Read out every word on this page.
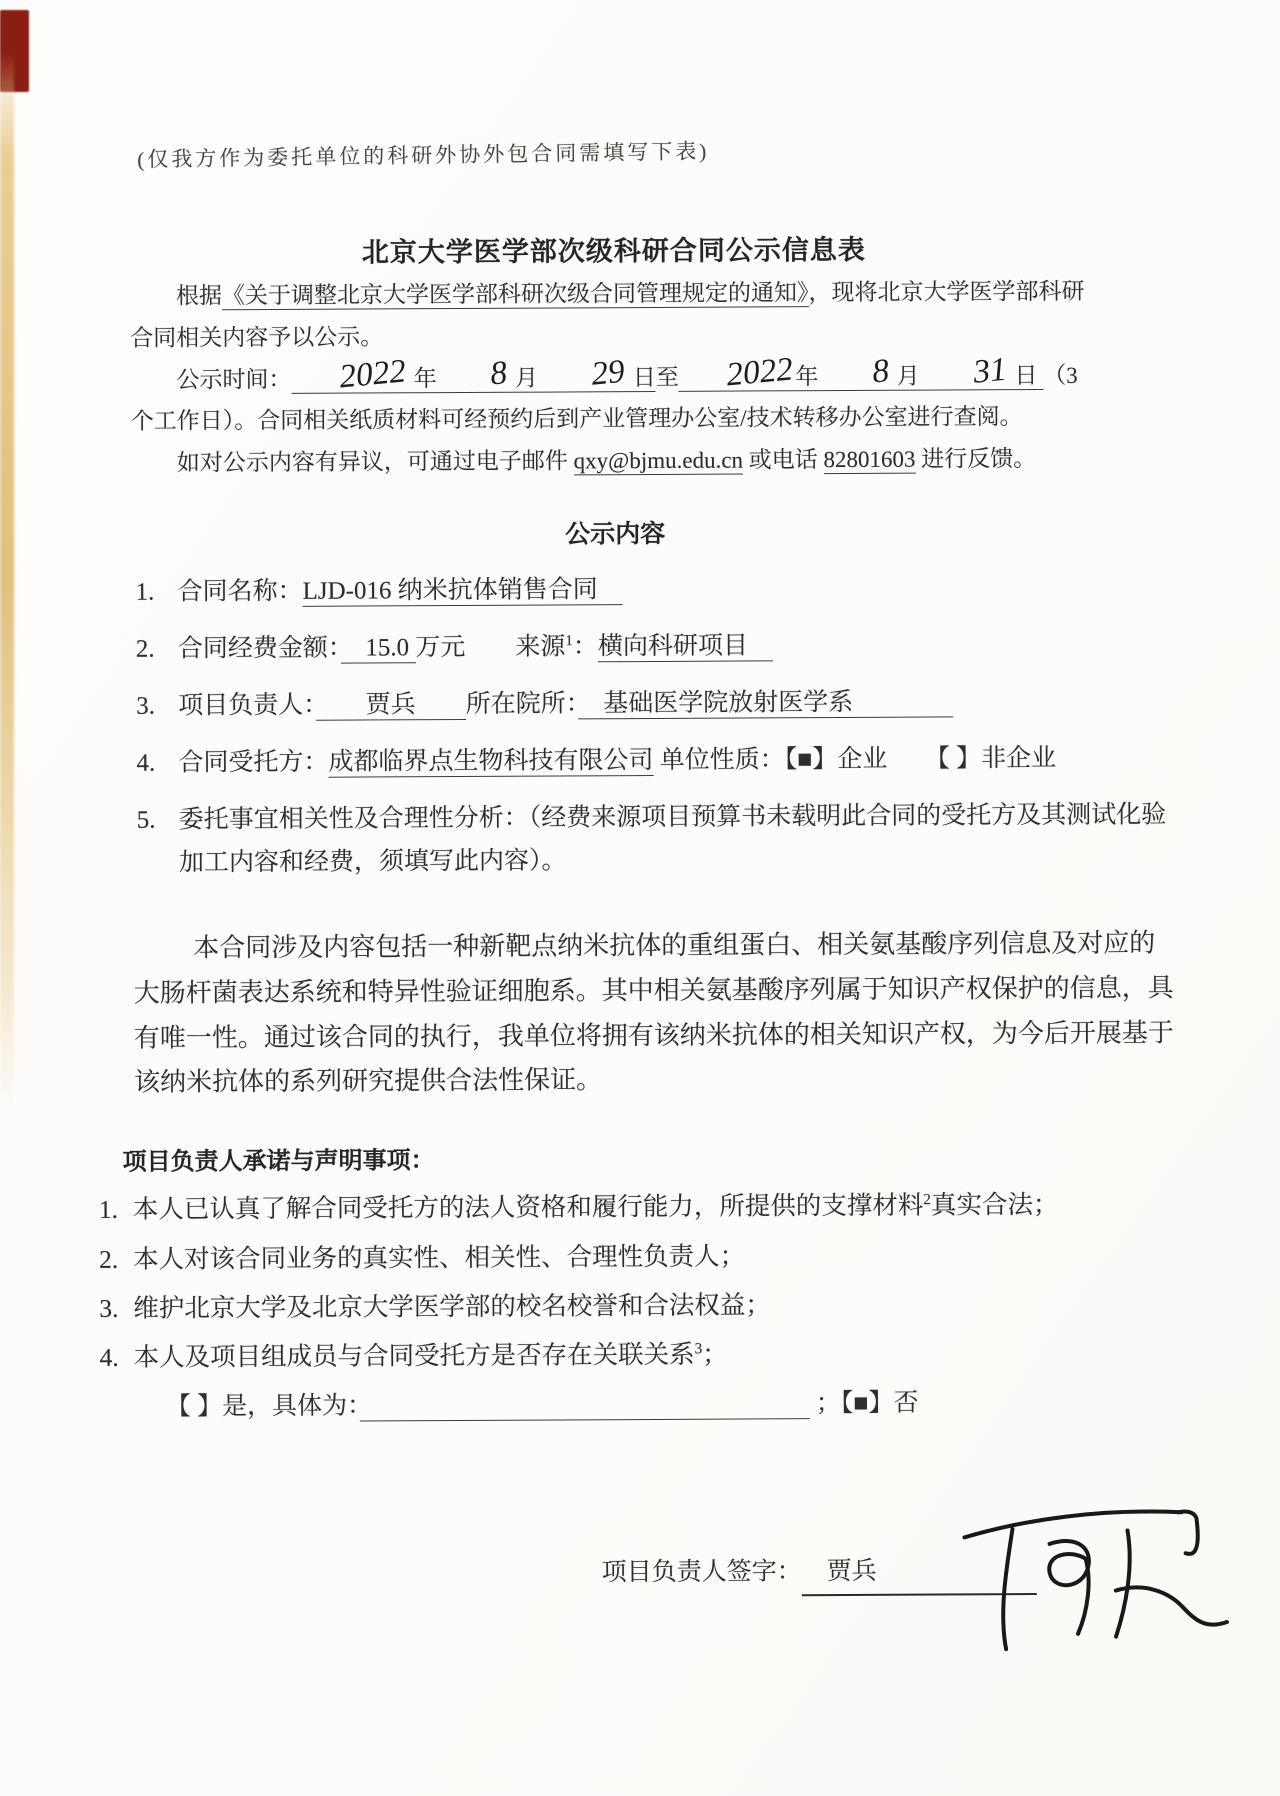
(仅我方作为委托单位的科研外协外包合同需填写下表)
北京大学医学部次级科研合同公示信息表

根据《关于调整北京大学医学部科研次级合同管理规定的通知》，现将北京大学医学部科研合同相关内容予以公示。

公示时间： 2022 年 8 月 29 日至 2022年 8 月 31 日 （3 个工作日）。合同相关纸质材料可经预约后到产业管理办公室/技术转移办公室进行查阅。

如对公示内容有异议，可通过电子邮件 qxy@bjmu.edu.cn 或电话 82801603 进行反馈。

公示内容
1. 合同名称：LJD-016 纳米抗体销售合同　
2. 合同经费金额：　15.0 万元　　来源$^1$：横向科研项目　
3. 项目负责人：　　贾兵　　所在院所：　基础医学院放射医学系　　　　
4. 合同受托方：成都临界点生物科技有限公司 单位性质：【■】企业　　【 】非企业
5. 委托事宜相关性及合理性分析：（经费来源项目预算书未载明此合同的受托方及其测试化验加工内容和经费，须填写此内容）。

本合同涉及内容包括一种新靶点纳米抗体的重组蛋白、相关氨基酸序列信息及对应的大肠杆菌表达系统和特异性验证细胞系。其中相关氨基酸序列属于知识产权保护的信息，具有唯一性。通过该合同的执行，我单位将拥有该纳米抗体的相关知识产权，为今后开展基于该纳米抗体的系列研究提供合法性保证。

项目负责人承诺与声明事项：
1. 本人已认真了解合同受托方的法人资格和履行能力，所提供的支撑材料$^2$真实合法；
2. 本人对该合同业务的真实性、相关性、合理性负责人；
3. 维护北京大学及北京大学医学部的校名校誉和合法权益；
4. 本人及项目组成员与合同受托方是否存在关联关系$^3$；
【 】是，具体为：　　　　　　　　　　　　　　　　　　	；【■】否
项目负责人签字：　贾兵
